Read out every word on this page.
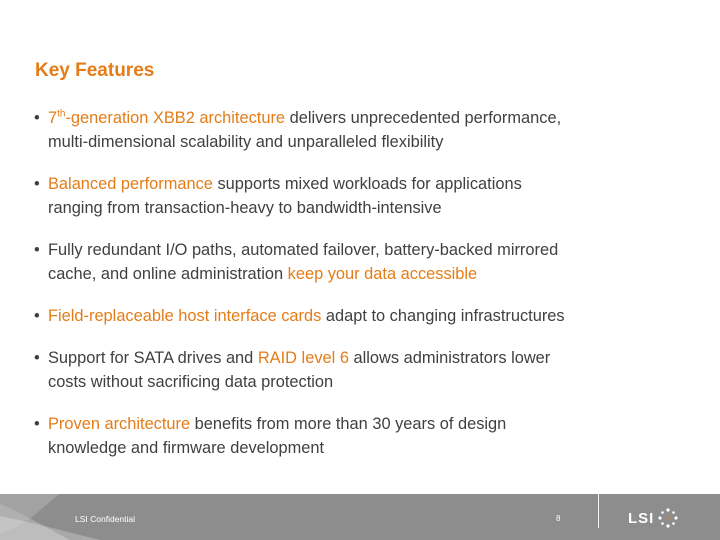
Key Features
• 7th-generation XBB2 architecture delivers unprecedented performance,
multi-dimensional scalability and unparalleled flexibility
• Balanced performance supports mixed workloads for applications
ranging from transaction-heavy to bandwidth-intensive
• Fully redundant I/O paths, automated failover, battery-backed mirrored
cache, and online administration keep your data accessible
• Field-replaceable host interface cards adapt to changing infrastructures
• Support for SATA drives and RAID level 6 allows administrators lower
costs without sacrificing data protection
• Proven architecture benefits from more than 30 years of design
knowledge and firmware development
LSI Confidential	8	LSI
